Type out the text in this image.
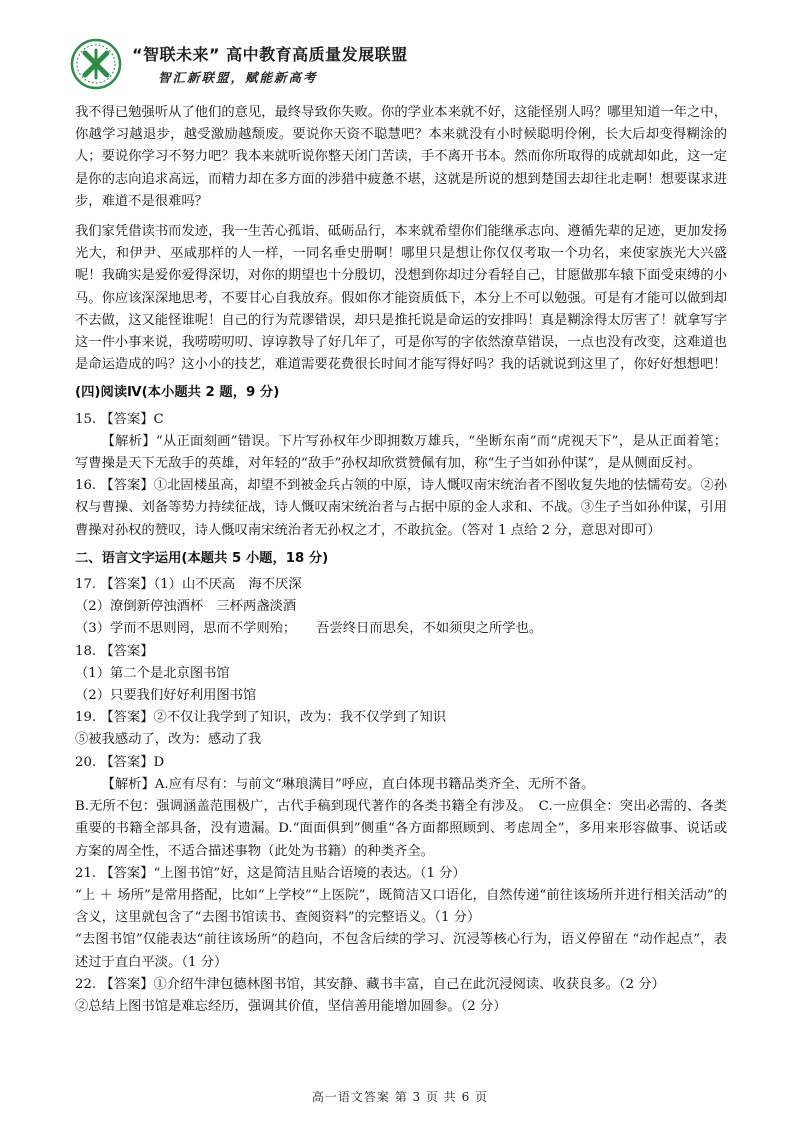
“智联未来” 高中教育高质量发展联盟
智汇新联盟，赋能新高考

我不得已勉强听从了他们的意见，最终导致你失败。你的学业本来就不好，这能怪别人吗？哪里知道一年之中，你越学习越退步，越受激励越颓废。要说你天资不聪慧吧？本来就没有小时候聪明伶俐，长大后却变得糊涂的人；要说你学习不努力吧？我本来就听说你整天闭门苦读，手不离开书本。然而你所取得的成就却如此，这一定是你的志向追求高远，而精力却在多方面的涉猎中疲惫不堪，这就是所说的想到楚国去却往北走啊！想要谋求进步，难道不是很难吗？

我们家凭借读书而发迹，我一生苦心孤诣、砥砺品行，本来就希望你们能继承志向、遵循先辈的足迹，更加发扬光大，和伊尹、巫咸那样的人一样，一同名垂史册啊！哪里只是想让你仅仅考取一个功名，来使家族光大兴盛呢！我确实是爱你爱得深切，对你的期望也十分殷切，没想到你却过分看轻自己，甘愿做那车辕下面受束缚的小马。你应该深深地思考，不要甘心自我放弃。假如你才能资质低下，本分上不可以勉强。可是有才能可以做到却不去做，这又能怪谁呢！自己的行为荒谬错误，却只是推托说是命运的安排吗！真是糊涂得太厉害了！就拿写字这一件小事来说，我唠唠叨叨、谆谆教导了好几年了，可是你写的字依然潦草错误，一点也没有改变，这难道也是命运造成的吗？这小小的技艺，难道需要花费很长时间才能写得好吗？我的话就说到这里了，你好好想想吧！

(四)阅读Ⅳ(本小题共 2 题，9 分)

15. 【答案】C

【解析】“从正面刻画”错误。下片写孙权年少即拥数万雄兵，“坐断东南”而“虎视天下”，是从正面着笔；写曹操是天下无敌手的英雄，对年轻的“敌手”孙权却欣赏赞佩有加，称“生子当如孙仲谋”，是从侧面反衬。

16. 【答案】①北固楼虽高，却望不到被金兵占领的中原，诗人慨叹南宋统治者不图收复失地的怯懦苟安。②孙权与曹操、刘备等势力持续征战，诗人慨叹南宋统治者与占据中原的金人求和、不战。③生子当如孙仲谋，引用曹操对孙权的赞叹，诗人慨叹南宋统治者无孙权之才，不敢抗金。（答对 1 点给 2 分，意思对即可）

二、语言文字运用(本题共 5 小题，18 分)

17. 【答案】（1）山不厌高　海不厌深

（2）潦倒新停浊酒杯　三杯两盏淡酒

（3）学而不思则罔，思而不学则殆；　　吾尝终日而思矣，不如须臾之所学也。

18. 【答案】

（1）第二个是北京图书馆

（2）只要我们好好利用图书馆

19. 【答案】②不仅让我学到了知识，改为：我不仅学到了知识

⑤被我感动了，改为：感动了我

20. 【答案】D

【解析】A.应有尽有：与前文“琳琅满目”呼应，直白体现书籍品类齐全、无所不备。

B.无所不包：强调涵盖范围极广，古代手稿到现代著作的各类书籍全有涉及。　C.一应俱全：突出必需的、各类重要的书籍全部具备，没有遗漏。D.“面面俱到”侧重“各方面都照顾到、考虑周全”，多用来形容做事、说话或方案的周全性，不适合描述事物（此处为书籍）的种类齐全。

21. 【答案】“上图书馆”好，这是简洁且贴合语境的表达。（1 分）

“上 ＋ 场所”是常用搭配，比如“上学校”“上医院”，既简洁又口语化，自然传递“前往该场所并进行相关活动”的含义，这里就包含了“去图书馆读书、查阅资料”的完整语义。（1 分）

“去图书馆”仅能表达“前往该场所”的趋向，不包含后续的学习、沉浸等核心行为，语义停留在 “动作起点”，表述过于直白平淡。（1 分）

22. 【答案】①介绍牛津包德林图书馆，其安静、藏书丰富，自己在此沉浸阅读、收获良多。（2 分）

②总结上图书馆是难忘经历，强调其价值，坚信善用能增加圆参。（2 分）

高一语文答案 第 3 页 共 6 页
